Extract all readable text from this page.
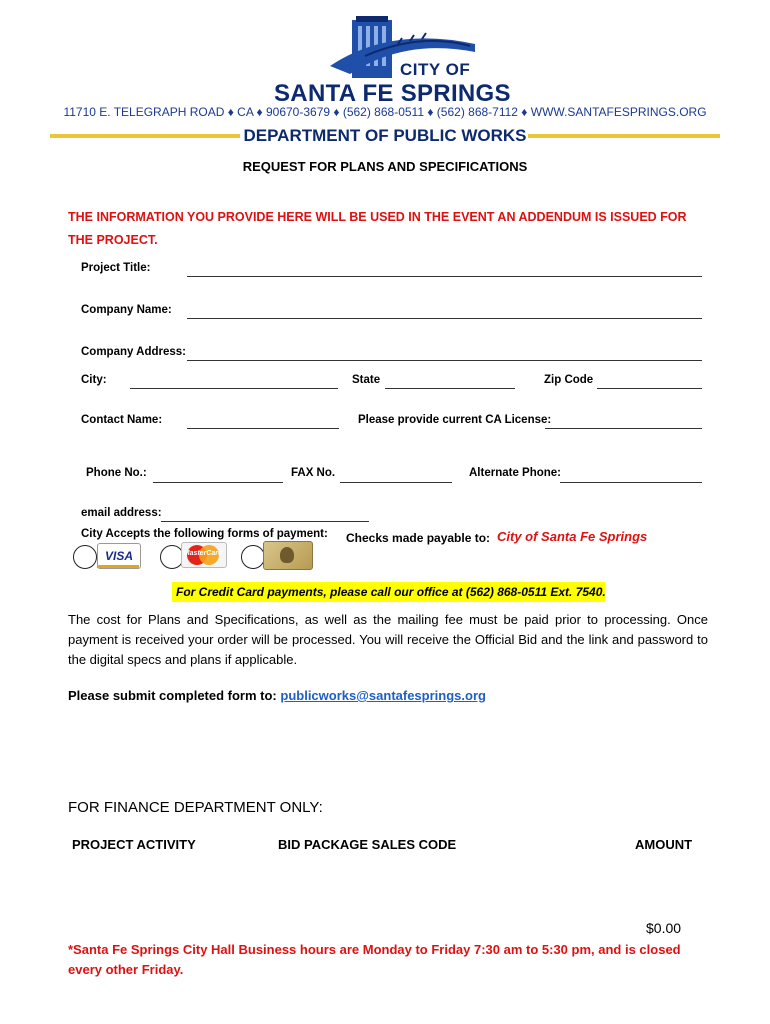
CITY OF
SANTA FE SPRINGS
11710 E. TELEGRAPH ROAD ♦ CA ♦ 90670-3679 ♦ (562) 868-0511 ♦ (562) 868-7112 ♦ WWW.SANTAFESPRINGS.ORG
DEPARTMENT OF PUBLIC WORKS
REQUEST FOR PLANS AND SPECIFICATIONS
THE INFORMATION YOU PROVIDE HERE WILL BE USED IN THE EVENT AN ADDENDUM IS ISSUED FOR THE PROJECT.
Project Title:
Company Name:
Company Address:
City:	State	Zip Code
Contact Name:	Please provide current CA License:
Phone No.:	FAX No.	Alternate Phone:
email address:
City Accepts the following forms of payment: Checks made payable to: City of Santa Fe Springs
VISA	MasterCard
For Credit Card payments, please call our office at (562) 868-0511 Ext. 7540.
The cost for Plans and Specifications, as well as the mailing fee must be paid prior to processing. Once payment is received your order will be processed. You will receive the Official Bid and the link and password to the digital specs and plans if applicable.
Please submit completed form to: publicworks@santafesprings.org
FOR FINANCE DEPARTMENT ONLY:
PROJECT ACTIVITY	BID PACKAGE SALES CODE	AMOUNT
$0.00
*Santa Fe Springs City Hall Business hours are Monday to Friday 7:30 am to 5:30 pm, and is closed every other Friday.
